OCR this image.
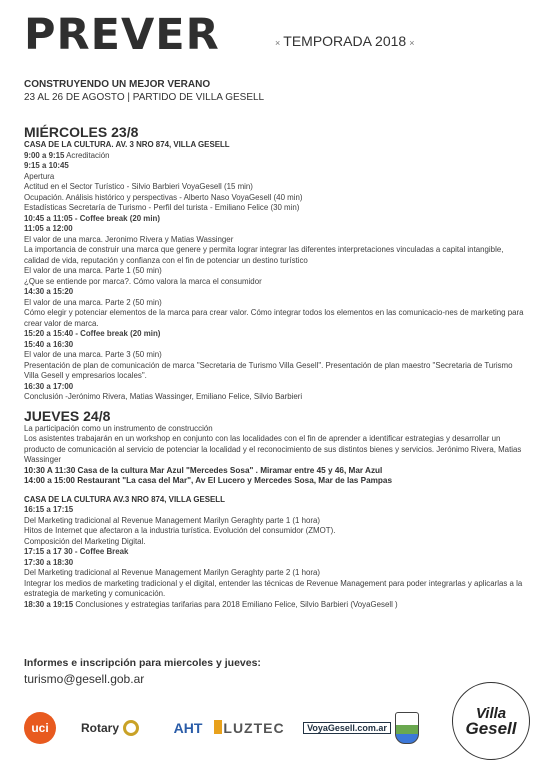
PREVER	× TEMPORADA 2018 ×
CONSTRUYENDO UN MEJOR VERANO
23 AL 26 DE AGOSTO | PARTIDO DE VILLA GESELL
MIÉRCOLES 23/8
CASA DE LA CULTURA. AV. 3 NRO 874, VILLA GESELL
9:00 a 9:15 Acreditación
9:15 a 10:45
Apertura
Actitud en el Sector Turístico - Silvio Barbieri VoyaGesell (15 min)
Ocupación. Análisis histórico y perspectivas - Alberto Naso VoyaGesell (40 min)
Estadísticas Secretaría de Turismo - Perfil del turista - Emiliano Felice (30 min)
10:45 a 11:05 - Coffee break (20 min)
11:05 a 12:00
El valor de una marca. Jeronimo Rivera y Matias Wassinger
La importancia de construir una marca que genere y permita lograr integrar las diferentes interpretaciones vinculadas a capital intangible, calidad de vida, reputación y confianza con el fin de potenciar un destino turístico
El valor de una marca. Parte 1 (50 min)
¿Que se entiende por marca?. Cómo valora la marca el consumidor
14:30 a 15:20
El valor de una marca. Parte 2 (50 min)
Cómo elegir y potenciar elementos de la marca para crear valor. Cómo integrar todos los elementos en las comunicacio-nes de marketing para crear valor de marca.
15:20 a 15:40 - Coffee break (20 min)
15:40 a 16:30
El valor de una marca. Parte 3 (50 min)
Presentación de plan de comunicación de marca "Secretaria de Turismo Villa Gesell". Presentación de plan maestro "Secretaria de Turismo Villa Gesell y empresarios locales".
16:30 a 17:00
Conclusión -Jerónimo Rivera, Matias Wassinger, Emiliano Felice, Silvio Barbieri
JUEVES 24/8
La participación como un instrumento de construcción
Los asistentes trabajarán en un workshop en conjunto con las localidades con el fin de aprender a identificar estrategias y desarrollar un producto de comunicación al servicio de potenciar la localidad y el reconocimiento de sus distintos bienes y servicios. Jerónimo Rivera, Matias Wassinger
10:30 A 11:30 Casa de la cultura Mar Azul "Mercedes Sosa" . Miramar entre 45 y 46, Mar Azul
14:00 a 15:00 Restaurant "La casa del Mar", Av El Lucero y Mercedes Sosa, Mar de las Pampas
CASA DE LA CULTURA AV.3 NRO 874, VILLA GESELL
16:15 a 17:15
Del Marketing tradicional al Revenue Management Marilyn Geraghty parte 1 (1 hora)
Hitos de Internet que afectaron a la industria turística. Evolución del consumidor (ZMOT).
Composición del Marketing Digital.
17:15 a 17 30 - Coffee Break
17:30 a 18:30
Del Marketing tradicional al Revenue Management Marilyn Geraghty parte 2 (1 hora)
Integrar los medios de marketing tradicional y el digital, entender las técnicas de Revenue Management para poder integrarlas y aplicarlas a la estrategia de marketing y comunicación.
18:30 a 19:15 Conclusiones y estrategias tarifarias para 2018 Emiliano Felice, Silvio Barbieri (VoyaGesell )
Informes e inscripción para miercoles y jueves:
turismo@gesell.gob.ar
uci	Rotary	AHT LUZTEC	VoyaGesell.com.ar
Villa
Gesell
